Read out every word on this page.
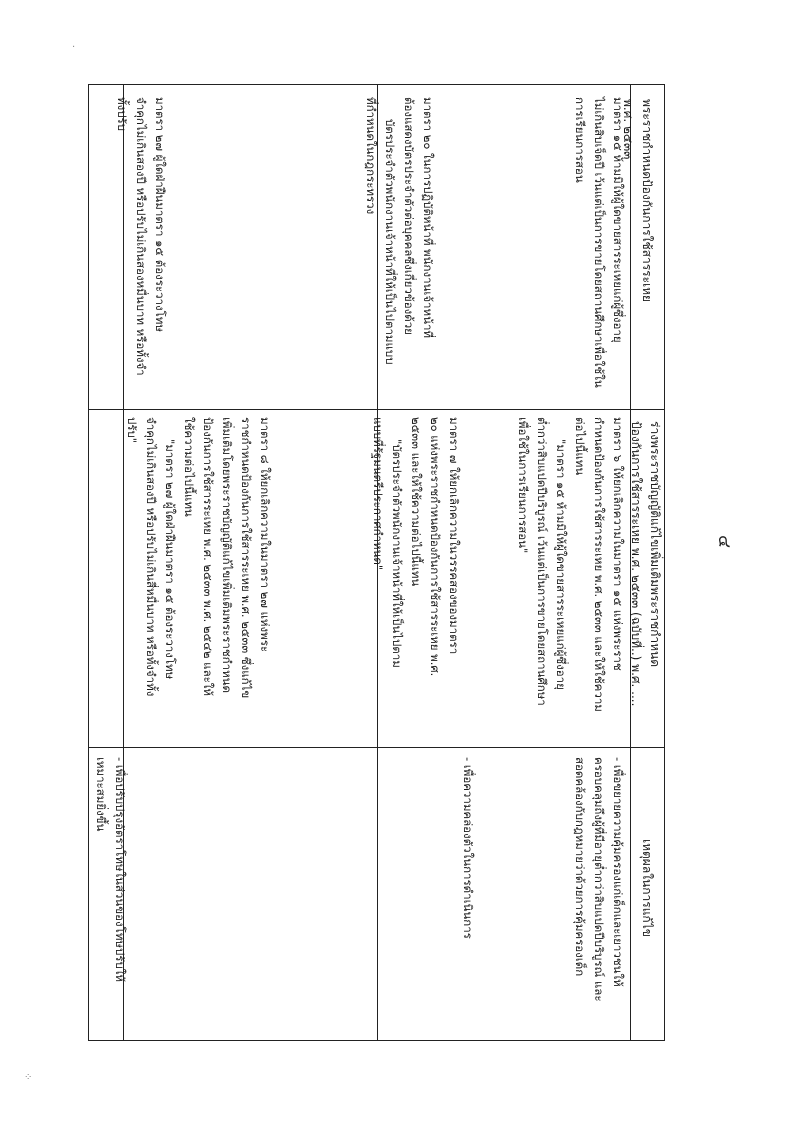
·
⁘
๔
พระราชกำหนดป้องกันการใช้สารระเหย
พ.ศ. ๒๕๓๓
ร่างพระราชบัญญัติแก้ไขเพิ่มเติมพระราชกำหนด
ป้องกันการใช้สารระเหย พ.ศ. ๒๕๓๓ (ฉบับที่..) พ.ศ. ....
เหตุผลในการแก้ไข
มาตรา ๑๕ ห้ามมิให้ผู้ใดขายสารระเหยแก่ผู้ซึ่งอายุ
ไม่เกินสิบเจ็ดปี เว้นแต่เป็นการขายโดยสถานศึกษาเพื่อใช้ใน
การเรียนการสอน
มาตรา ๖ ให้ยกเลิกความในมาตรา ๑๕ แห่งพระราช
กำหนดป้องกันการใช้สารระเหย พ.ศ. ๒๕๓๓ และให้ใช้ความ
ต่อไปนี้แทน
"มาตรา ๑๕ ห้ามมิให้ผู้ใดขายสารระเหยแก่ผู้ซึ่งอายุ
ต่ำกว่าสิบแปดปีบริบูรณ์ เว้นแต่เป็นการขายโดยสถานศึกษา
เพื่อใช้ในการเรียนการสอน"
- เพื่อขยายความคุ้มครองแก่เด็กและเยาวชนให้
ครอบคลุมถึงผู้ที่มีอายุต่ำกว่าสิบแปดปีบริบูรณ์ และ
สอดคล้องกับกฎหมายว่าด้วยการคุ้มครองเด็ก
มาตรา ๒๐ ในการปฏิบัติหน้าที่ พนักงานเจ้าหน้าที่
ต้องแสดงบัตรประจำตัวต่อบุคคลซึ่งเกี่ยวข้องด้วย
บัตรประจำตัวพนักงานเจ้าหน้าที่ให้เป็นไปตามแบบ
ที่กำหนดในกฎกระทรวง
มาตรา ๗ ให้ยกเลิกความในวรรคสองของมาตรา
๒๐ แห่งพระราชกำหนดป้องกันการใช้สารระเหย พ.ศ.
๒๕๓๓ และให้ใช้ความต่อไปนี้แทน
"บัตรประจำตัวพนักงานเจ้าหน้าที่ให้เป็นไปตาม
แบบที่รัฐมนตรีประกาศกำหนด"
- เพื่อความคล่องตัวในการดำเนินการ
มาตรา ๒๗ ผู้ใดฝ่าฝืนมาตรา ๑๕ ต้องระวางโทษ
จำคุกไม่เกินสองปี หรือปรับไม่เกินสองหมื่นบาท หรือทั้งจำ
ทั้งปรับ
มาตรา ๘ ให้ยกเลิกความในมาตรา ๒๗ แห่งพระ
ราชกำหนดป้องกันการใช้สารระเหย พ.ศ. ๒๕๓๓ ซึ่งแก้ไข
เพิ่มเติมโดยพระราชบัญญัติแก้ไขเพิ่มเติมพระราชกำหนด
ป้องกันการใช้สารระเหย พ.ศ. ๒๕๓๓ พ.ศ. ๒๕๔๒ และให้
ใช้ความต่อไปนี้แทน
"มาตรา ๒๗ ผู้ใดฝ่าฝืนมาตรา ๑๕ ต้องระวางโทษ
จำคุกไม่เกินสองปี หรือปรับไม่เกินสี่หมื่นบาท หรือทั้งจำทั้ง
ปรับ"
- เพื่อปรับปรุงอัตราโทษในส่วนของโทษปรับให้
เหมาะสมยิ่งขึ้น
